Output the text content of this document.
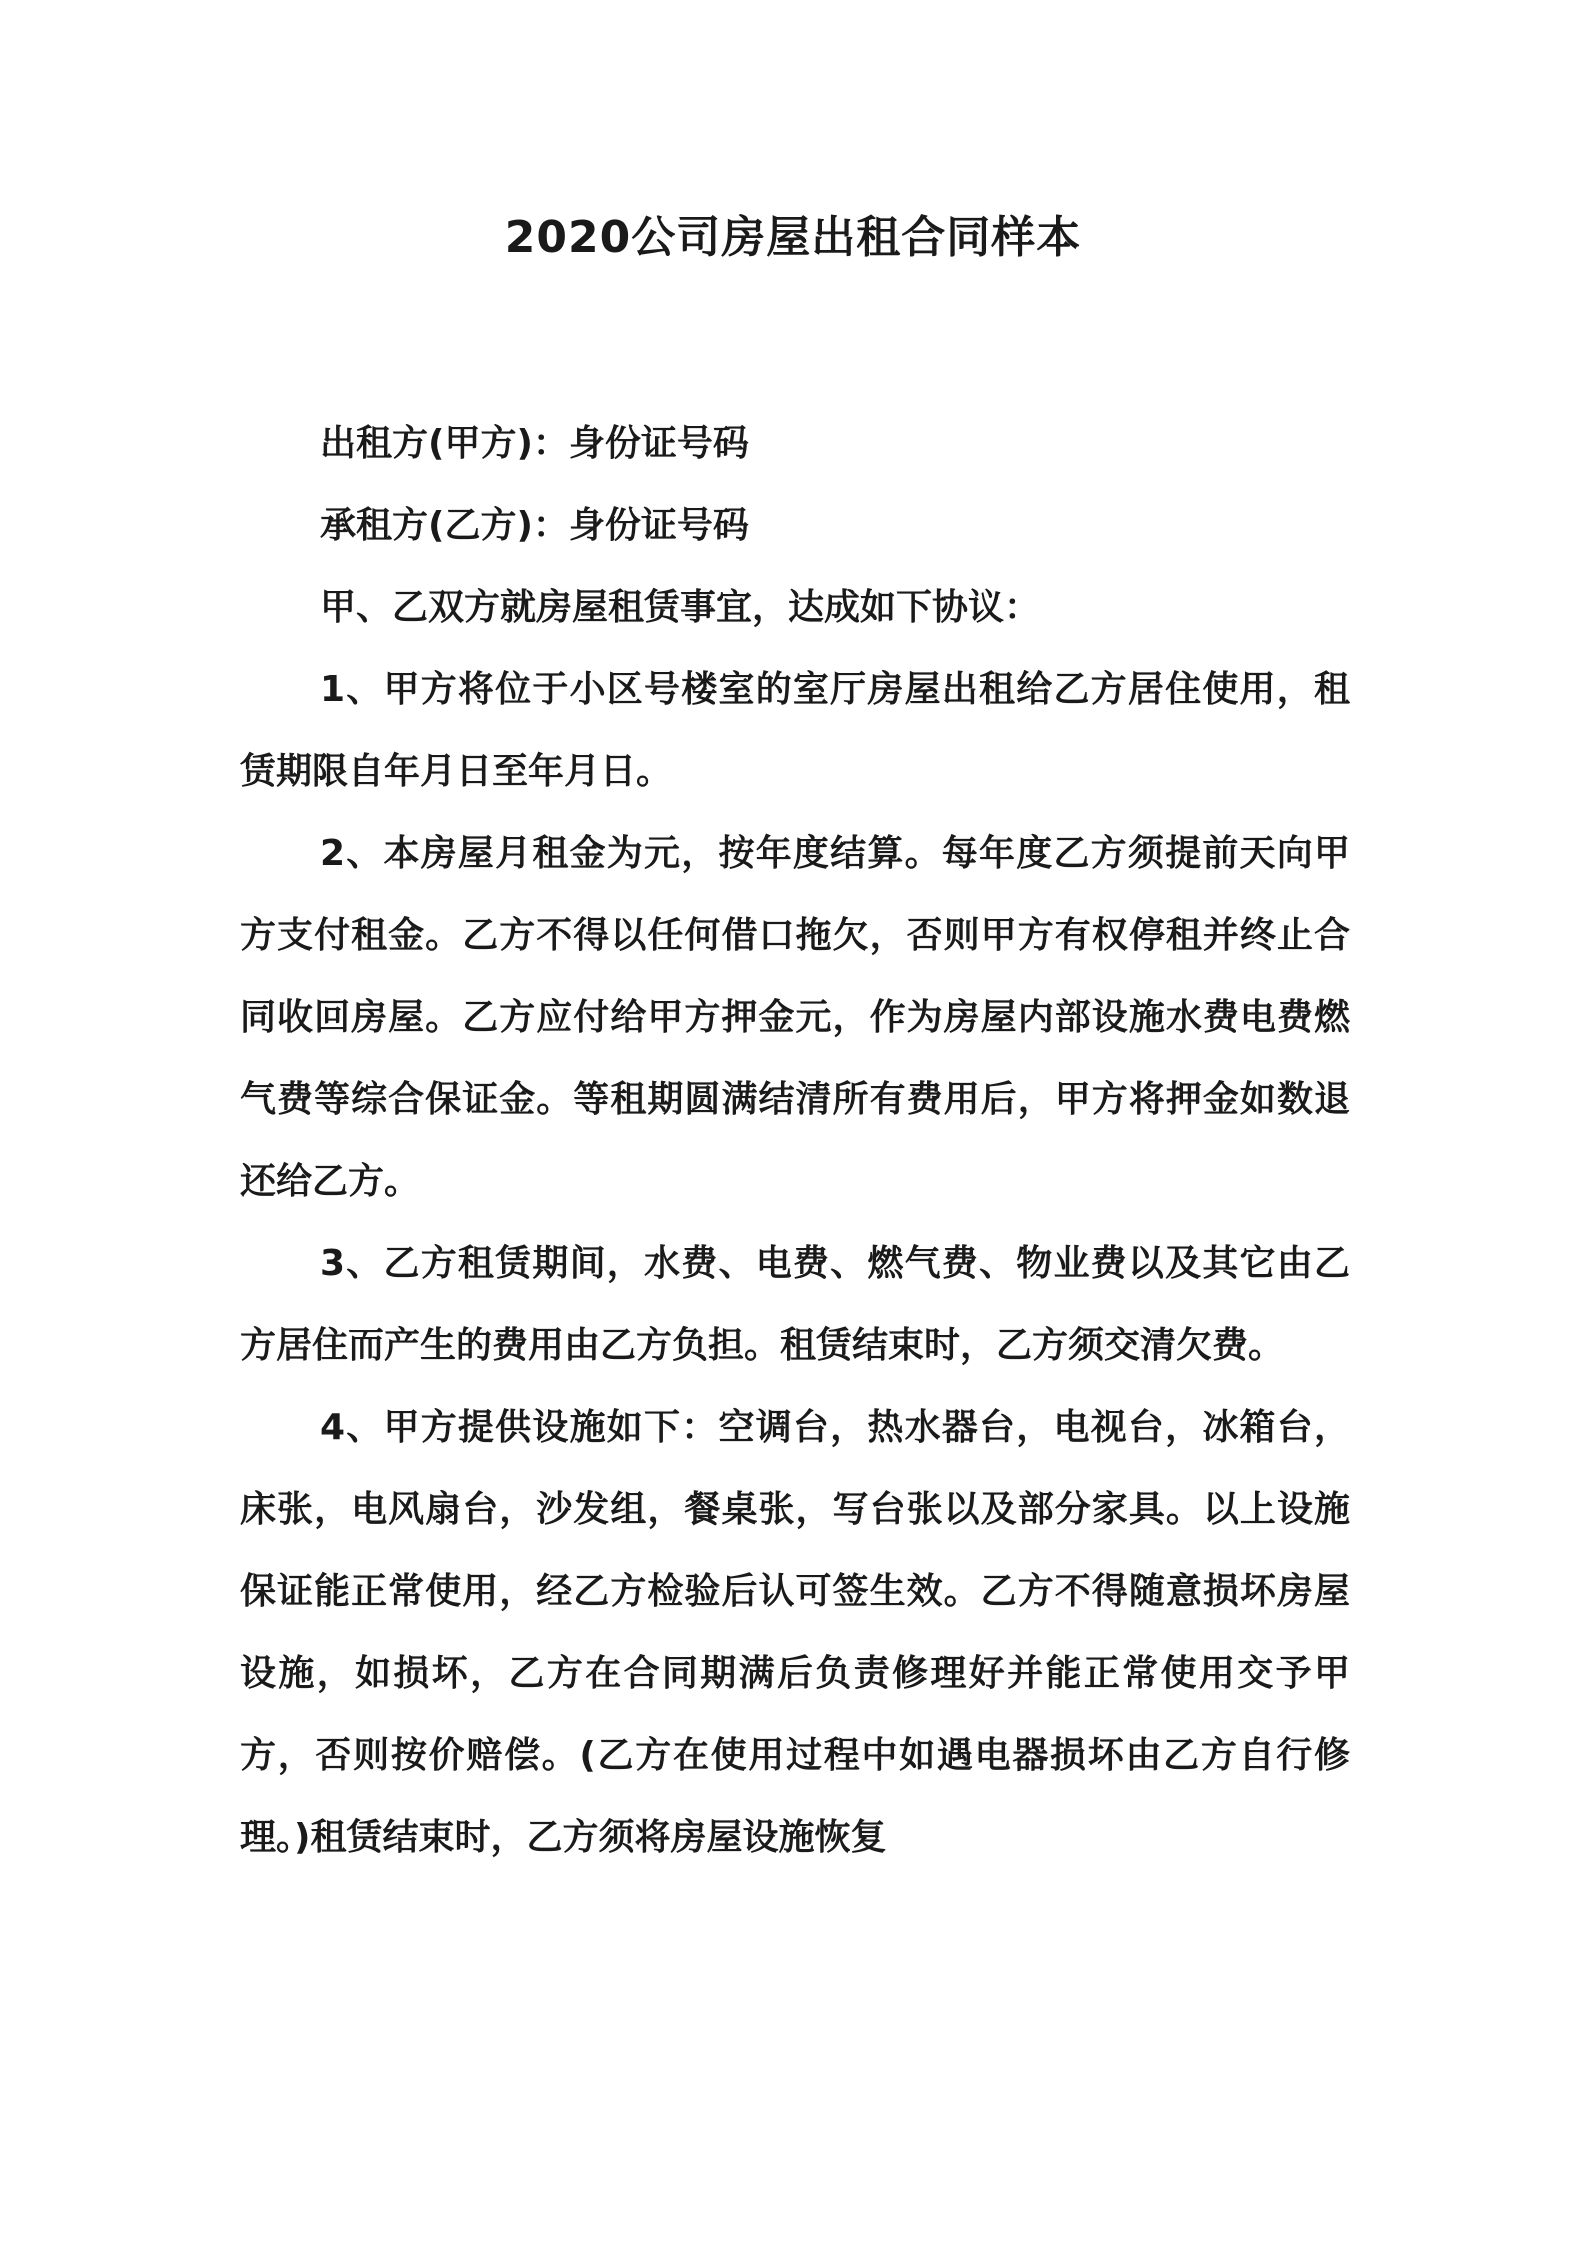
2020公司房屋出租合同样本

出租方(甲方)：身份证号码

承租方(乙方)：身份证号码

甲、乙双方就房屋租赁事宜，达成如下协议：

1、甲方将位于小区号楼室的室厅房屋出租给乙方居住使用，租赁期限自年月日至年月日。

2、本房屋月租金为元，按年度结算。每年度乙方须提前天向甲方支付租金。乙方不得以任何借口拖欠，否则甲方有权停租并终止合同收回房屋。乙方应付给甲方押金元，作为房屋内部设施水费电费燃气费等综合保证金。等租期圆满结清所有费用后，甲方将押金如数退还给乙方。

3、乙方租赁期间，水费、电费、燃气费、物业费以及其它由乙方居住而产生的费用由乙方负担。租赁结束时，乙方须交清欠费。

4、甲方提供设施如下：空调台，热水器台，电视台，冰箱台，床张，电风扇台，沙发组，餐桌张，写台张以及部分家具。以上设施保证能正常使用，经乙方检验后认可签生效。乙方不得随意损坏房屋设施，如损坏，乙方在合同期满后负责修理好并能正常使用交予甲方，否则按价赔偿。(乙方在使用过程中如遇电器损坏由乙方自行修理。)租赁结束时，乙方须将房屋设施恢复
